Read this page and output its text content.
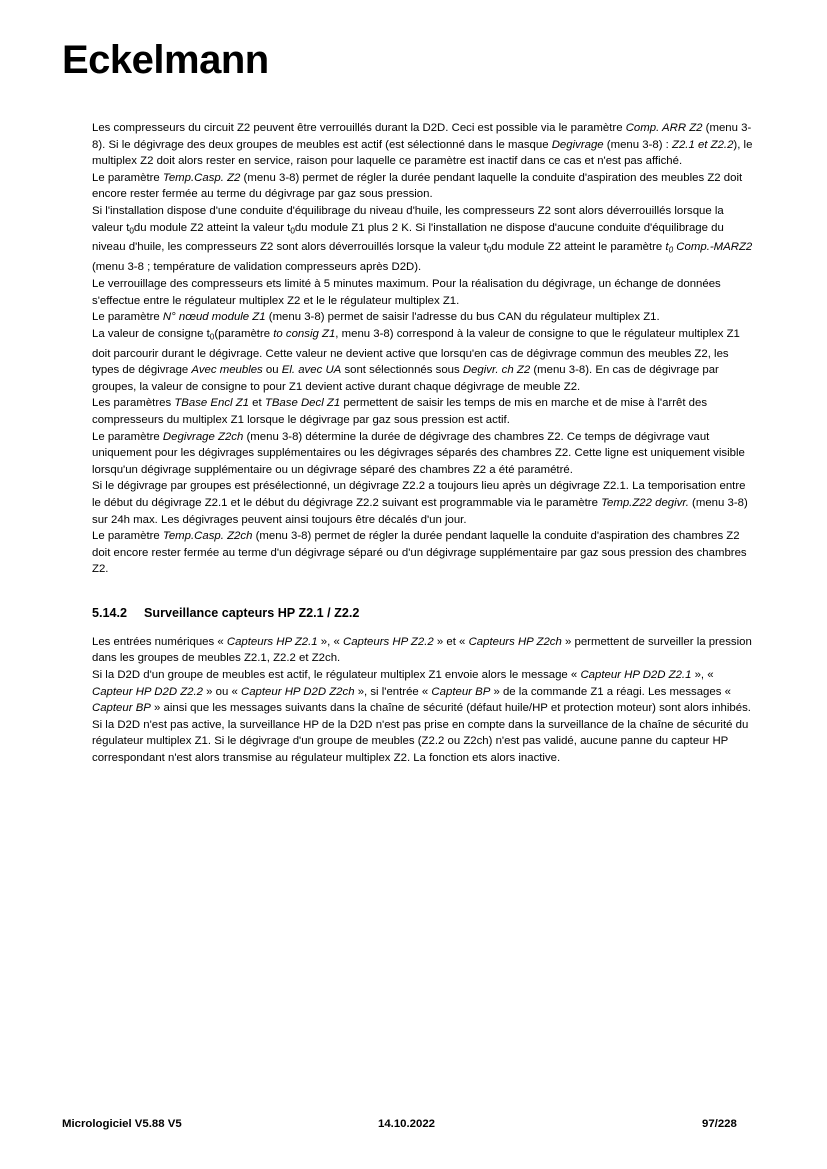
Eckelmann

Les compresseurs du circuit Z2 peuvent être verrouillés durant la D2D. Ceci est possible via le paramètre Comp. ARR Z2 (menu 3-8). Si le dégivrage des deux groupes de meubles est actif (est sélectionné dans le masque Degivrage (menu 3-8) : Z2.1 et Z2.2), le multiplex Z2 doit alors rester en service, raison pour laquelle ce paramètre est inactif dans ce cas et n'est pas affiché.

Le paramètre Temp.Casp. Z2 (menu 3-8) permet de régler la durée pendant laquelle la conduite d'aspiration des meubles Z2 doit encore rester fermée au terme du dégivrage par gaz sous pression.

Si l'installation dispose d'une conduite d'équilibrage du niveau d'huile, les compresseurs Z2 sont alors déverrouillés lorsque la valeur $t_0du$ module Z2 atteint la valeur $t_0du$ module Z1 plus 2 K. Si l'installation ne dispose d'aucune conduite d'équilibrage du niveau d'huile, les compresseurs Z2 sont alors déverrouillés lorsque la valeur $t_0du$ module Z2 atteint le paramètre $t_0$ Comp.-MARZ2 (menu 3-8 ; température de validation compresseurs après D2D).

Le verrouillage des compresseurs ets limité à 5 minutes maximum. Pour la réalisation du dégivrage, un échange de données s'effectue entre le régulateur multiplex Z2 et le le régulateur multiplex Z1.

Le paramètre N° nœud module Z1 (menu 3-8) permet de saisir l'adresse du bus CAN du régulateur multiplex Z1.

La valeur de consigne $t_0(paramètre$ to consig Z1, menu 3-8) correspond à la valeur de consigne to que le régulateur multiplex Z1 doit parcourir durant le dégivrage. Cette valeur ne devient active que lorsqu'en cas de dégivrage commun des meubles Z2, les types de dégivrage Avec meubles ou El. avec UA sont sélectionnés sous Degivr. ch Z2 (menu 3-8). En cas de dégivrage par groupes, la valeur de consigne to pour Z1 devient active durant chaque dégivrage de meuble Z2.

Les paramètres TBase Encl Z1 et TBase Decl Z1 permettent de saisir les temps de mis en marche et de mise à l'arrêt des compresseurs du multiplex Z1 lorsque le dégivrage par gaz sous pression est actif.

Le paramètre Degivrage Z2ch (menu 3-8) détermine la durée de dégivrage des chambres Z2. Ce temps de dégivrage vaut uniquement pour les dégivrages supplémentaires ou les dégivrages séparés des chambres Z2. Cette ligne est uniquement visible lorsqu'un dégivrage supplémentaire ou un dégivrage séparé des chambres Z2 a été paramétré.

Si le dégivrage par groupes est présélectionné, un dégivrage Z2.2 a toujours lieu après un dégivrage Z2.1. La temporisation entre le début du dégivrage Z2.1 et le début du dégivrage Z2.2 suivant est programmable via le paramètre Temp.Z22 degivr. (menu 3-8) sur 24h max. Les dégivrages peuvent ainsi toujours être décalés d'un jour.

Le paramètre Temp.Casp. Z2ch (menu 3-8) permet de régler la durée pendant laquelle la conduite d'aspiration des chambres Z2 doit encore rester fermée au terme d'un dégivrage séparé ou d'un dégivrage supplémentaire par gaz sous pression des chambres Z2.

5.14.2 Surveillance capteurs HP Z2.1 / Z2.2

Les entrées numériques « Capteurs HP Z2.1 », « Capteurs HP Z2.2 » et « Capteurs HP Z2ch » permettent de surveiller la pression dans les groupes de meubles Z2.1, Z2.2 et Z2ch.

Si la D2D d'un groupe de meubles est actif, le régulateur multiplex Z1 envoie alors le message « Capteur HP D2D Z2.1 », « Capteur HP D2D Z2.2 » ou « Capteur HP D2D Z2ch », si l'entrée « Capteur BP » de la commande Z1 a réagi. Les messages « Capteur BP » ainsi que les messages suivants dans la chaîne de sécurité (défaut huile/HP et protection moteur) sont alors inhibés. Si la D2D n'est pas active, la surveillance HP de la D2D n'est pas prise en compte dans la surveillance de la chaîne de sécurité du régulateur multiplex Z1. Si le dégivrage d'un groupe de meubles (Z2.2 ou Z2ch) n'est pas validé, aucune panne du capteur HP correspondant n'est alors transmise au régulateur multiplex Z2. La fonction ets alors inactive.

Micrologiciel V5.88 V5	14.10.2022	97/228
